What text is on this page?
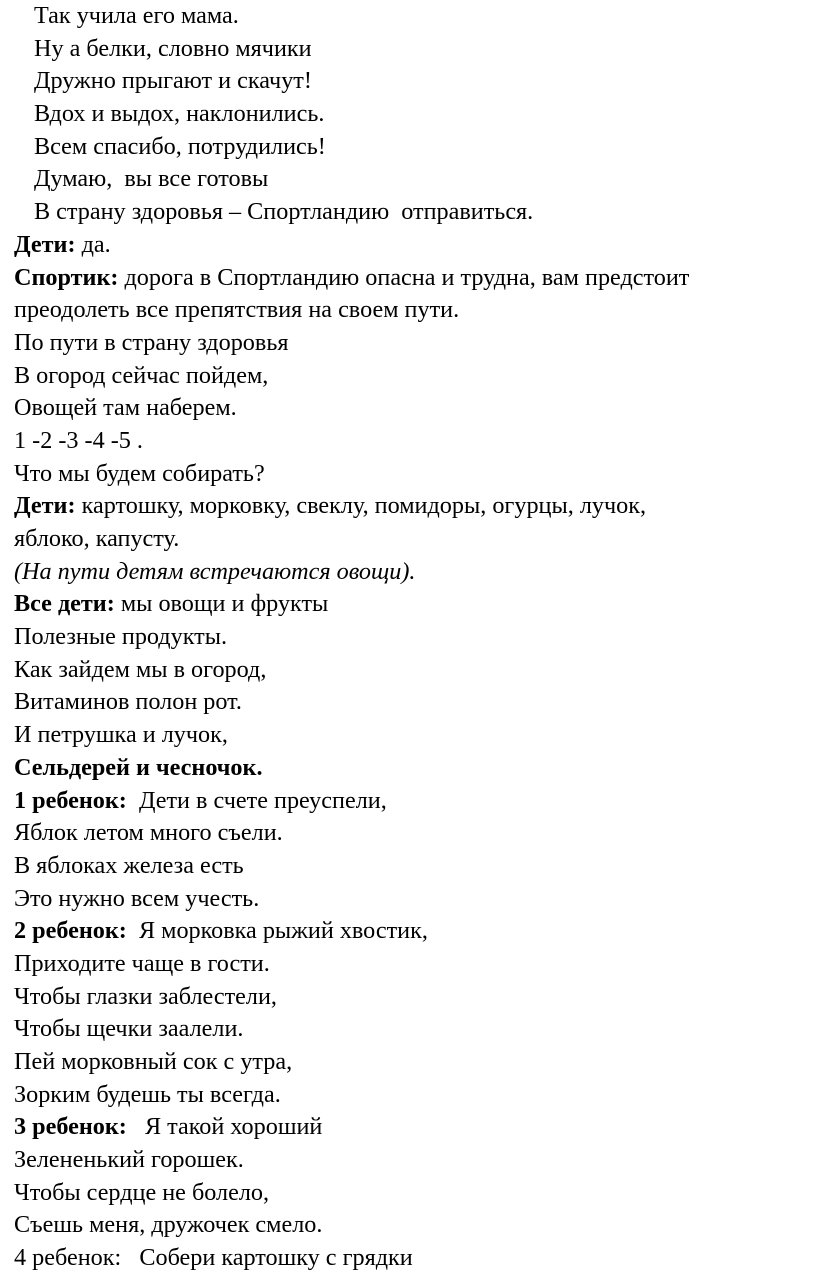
Так учила его мама.
Ну а белки, словно мячики
Дружно прыгают и скачут!
Вдох и выдох, наклонились.
Всем спасибо, потрудились!
Думаю,  вы все готовы
В страну здоровья – Спортландию  отправиться.
Дети: да.
Спортик: дорога в Спортландию опасна и трудна, вам предстоит
преодолеть все препятствия на своем пути.
По пути в страну здоровья
В огород сейчас пойдем,
Овощей там наберем.
1 -2 -3 -4 -5 .
Что мы будем собирать?
Дети: картошку, морковку, свеклу, помидоры, огурцы, лучок,
яблоко, капусту.
(На пути детям встречаются овощи).
Все дети: мы овощи и фрукты
Полезные продукты.
Как зайдем мы в огород,
Витаминов полон рот.
И петрушка и лучок,
Сельдерей и чесночок.
1 ребенок:  Дети в счете преуспели,
Яблок летом много съели.
В яблоках железа есть
Это нужно всем учесть.
2 ребенок:  Я морковка рыжий хвостик,
Приходите чаще в гости.
Чтобы глазки заблестели,
Чтобы щечки заалели.
Пей морковный сок с утра,
Зорким будешь ты всегда.
3 ребенок:   Я такой хороший
Зелененький горошек.
Чтобы сердце не болело,
Съешь меня, дружочек смело.
4 ребенок:   Собери картошку с грядки
